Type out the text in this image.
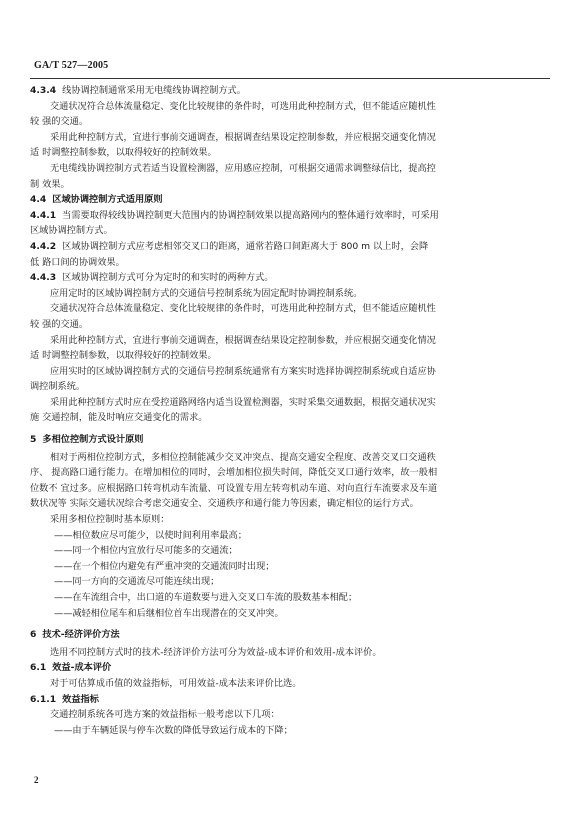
GA/T 527—2005
4.3.4 线协调控制通常采用无电缆线协调控制方式。
交通状况符合总体流量稳定、变化比较规律的条件时，可选用此种控制方式，但不能适应随机性
较 强的交通。
采用此种控制方式，宜进行事前交通调查，根据调查结果设定控制参数，并应根据交通变化情况
适 时调整控制参数，以取得较好的控制效果。
无电缆线协调控制方式若适当设置检测器，应用感应控制，可根据交通需求调整绿信比，提高控
制 效果。
4.4 区域协调控制方式适用原则
4.4.1 当需要取得较线协调控制更大范围内的协调控制效果以提高路网内的整体通行效率时，可采用
区域协调控制方式。
4.4.2 区域协调控制方式应考虑相邻交叉口的距离，通常若路口间距离大于 800 m 以上时，会降
低 路口间的协调效果。
4.4.3 区域协调控制方式可分为定时的和实时的两种方式。
应用定时的区域协调控制方式的交通信号控制系统为固定配时协调控制系统。
交通状况符合总体流量稳定、变化比较规律的条件时，可选用此种控制方式，但不能适应随机性
较 强的交通。
采用此种控制方式，宜进行事前交通调查，根据调查结果设定控制参数，并应根据交通变化情况
适 时调整控制参数，以取得较好的控制效果。
应用实时的区域协调控制方式的交通信号控制系统通常有方案实时选择协调控制系统或自适应协
调控制系统。
采用此种控制方式时应在受控道路网络内适当设置检测器，实时采集交通数据，根据交通状况实
施 交通控制，能及时响应交通变化的需求。
5 多相位控制方式设计原则
相对于两相位控制方式，多相位控制能减少交叉冲突点、提高交通安全程度、改善交叉口交通秩
序、 提高路口通行能力。在增加相位的同时，会增加相位损失时间，降低交叉口通行效率，故一般相
位数不 宜过多。应根据路口转弯机动车流量、可设置专用左转弯机动车道、对向直行车流要求及车道
数状况等 实际交通状况综合考虑交通安全、交通秩序和通行能力等因素，确定相位的运行方式。
采用多相位控制时基本原则：
——相位数应尽可能少，以使时间利用率最高；
——同一个相位内宜放行尽可能多的交通流；
——在一个相位内避免有严重冲突的交通流同时出现；
——同一方向的交通流尽可能连续出现；
——在车流组合中，出口道的车道数要与进入交叉口车流的股数基本相配；
——减轻相位尾车和后继相位首车出现潜在的交叉冲突。
6 技术-经济评价方法
选用不同控制方式时的技术-经济评价方法可分为效益-成本评价和效用-成本评价。
6.1 效益-成本评价
对于可估算成币值的效益指标，可用效益-成本法来评价比选。
6.1.1 效益指标
交通控制系统各可选方案的效益指标一般考虑以下几项：
——由于车辆延误与停车次数的降低导致运行成本的下降；
2
